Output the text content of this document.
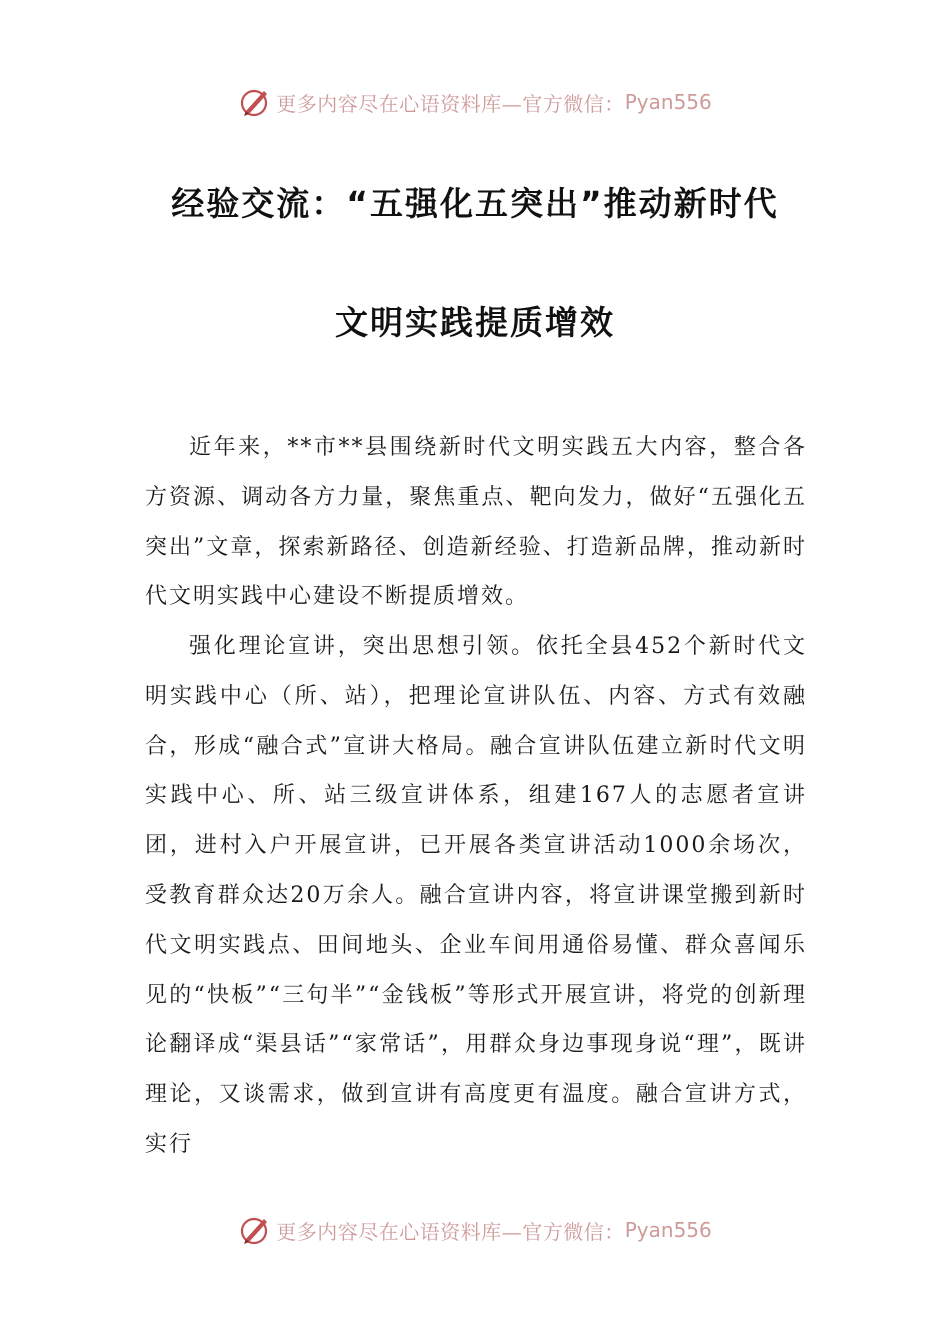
更多内容尽在心语资料库—官方微信： Pyan556
经验交流：“五强化五突出”推动新时代
文明实践提质增效

近年来，**市**县围绕新时代文明实践五大内容，整合各方资源、调动各方力量，聚焦重点、靶向发力，做好“五强化五突出”文章，探索新路径、创造新经验、打造新品牌，推动新时代文明实践中心建设不断提质增效。

强化理论宣讲，突出思想引领。依托全县452个新时代文明实践中心（所、站），把理论宣讲队伍、内容、方式有效融合，形成“融合式”宣讲大格局。融合宣讲队伍建立新时代文明实践中心、所、站三级宣讲体系，组建167人的志愿者宣讲团，进村入户开展宣讲，已开展各类宣讲活动1000余场次，受教育群众达20万余人。融合宣讲内容，将宣讲课堂搬到新时代文明实践点、田间地头、企业车间用通俗易懂、群众喜闻乐见的“快板”“三句半”“金钱板”等形式开展宣讲，将党的创新理论翻译成“渠县话”“家常话”，用群众身边事现身说“理”，既讲理论，又谈需求，做到宣讲有高度更有温度。融合宣讲方式，实行

更多内容尽在心语资料库—官方微信： Pyan556
